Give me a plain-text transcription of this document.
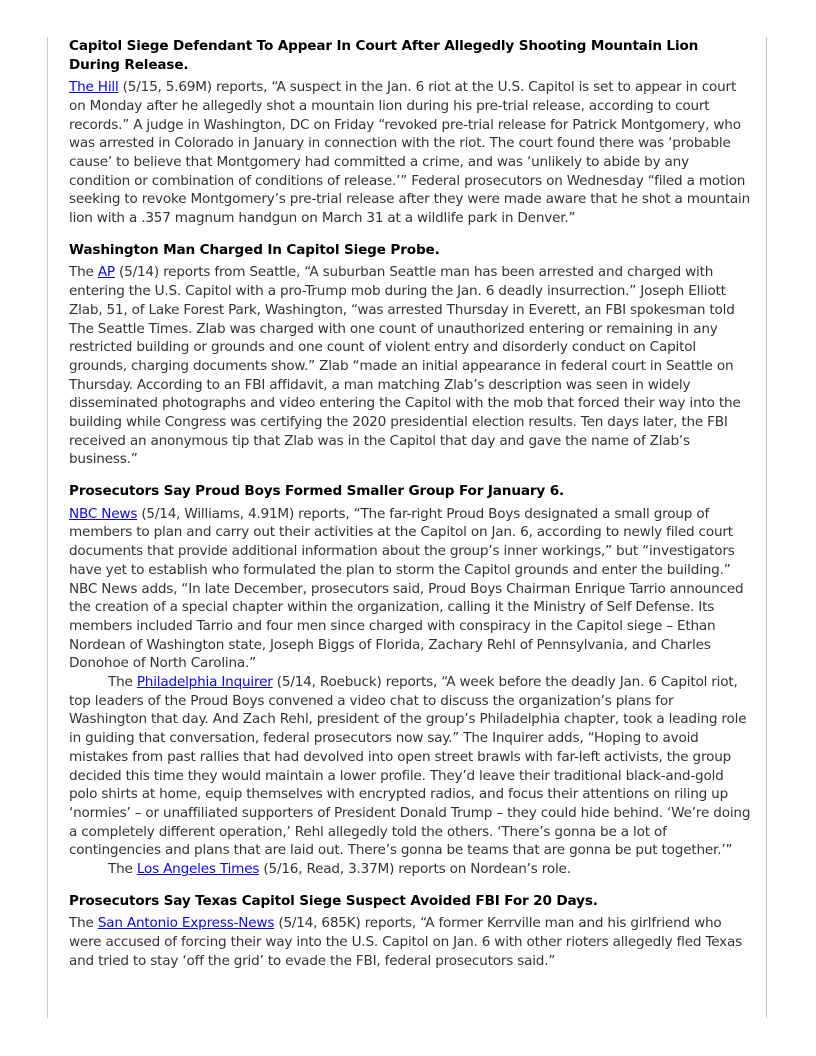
Capitol Siege Defendant To Appear In Court After Allegedly Shooting Mountain Lion During Release.

The Hill (5/15, 5.69M) reports, “A suspect in the Jan. 6 riot at the U.S. Capitol is set to appear in court on Monday after he allegedly shot a mountain lion during his pre-trial release, according to court records.” A judge in Washington, DC on Friday “revoked pre-trial release for Patrick Montgomery, who was arrested in Colorado in January in connection with the riot. The court found there was ‘probable cause’ to believe that Montgomery had committed a crime, and was ‘unlikely to abide by any condition or combination of conditions of release.’” Federal prosecutors on Wednesday “filed a motion seeking to revoke Montgomery’s pre-trial release after they were made aware that he shot a mountain lion with a .357 magnum handgun on March 31 at a wildlife park in Denver.”

Washington Man Charged In Capitol Siege Probe.

The AP (5/14) reports from Seattle, “A suburban Seattle man has been arrested and charged with entering the U.S. Capitol with a pro-Trump mob during the Jan. 6 deadly insurrection.” Joseph Elliott Zlab, 51, of Lake Forest Park, Washington, “was arrested Thursday in Everett, an FBI spokesman told The Seattle Times. Zlab was charged with one count of unauthorized entering or remaining in any restricted building or grounds and one count of violent entry and disorderly conduct on Capitol grounds, charging documents show.” Zlab “made an initial appearance in federal court in Seattle on Thursday. According to an FBI affidavit, a man matching Zlab’s description was seen in widely disseminated photographs and video entering the Capitol with the mob that forced their way into the building while Congress was certifying the 2020 presidential election results. Ten days later, the FBI received an anonymous tip that Zlab was in the Capitol that day and gave the name of Zlab’s business.”

Prosecutors Say Proud Boys Formed Smaller Group For January 6.

NBC News (5/14, Williams, 4.91M) reports, “The far-right Proud Boys designated a small group of members to plan and carry out their activities at the Capitol on Jan. 6, according to newly filed court documents that provide additional information about the group’s inner workings,” but “investigators have yet to establish who formulated the plan to storm the Capitol grounds and enter the building.” NBC News adds, “In late December, prosecutors said, Proud Boys Chairman Enrique Tarrio announced the creation of a special chapter within the organization, calling it the Ministry of Self Defense. Its members included Tarrio and four men since charged with conspiracy in the Capitol siege – Ethan Nordean of Washington state, Joseph Biggs of Florida, Zachary Rehl of Pennsylvania, and Charles Donohoe of North Carolina.”

The Philadelphia Inquirer (5/14, Roebuck) reports, “A week before the deadly Jan. 6 Capitol riot, top leaders of the Proud Boys convened a video chat to discuss the organization’s plans for Washington that day. And Zach Rehl, president of the group’s Philadelphia chapter, took a leading role in guiding that conversation, federal prosecutors now say.” The Inquirer adds, “Hoping to avoid mistakes from past rallies that had devolved into open street brawls with far-left activists, the group decided this time they would maintain a lower profile. They’d leave their traditional black-and-gold polo shirts at home, equip themselves with encrypted radios, and focus their attentions on riling up ‘normies’ – or unaffiliated supporters of President Donald Trump – they could hide behind. ‘We’re doing a completely different operation,’ Rehl allegedly told the others. ‘There’s gonna be a lot of contingencies and plans that are laid out. There’s gonna be teams that are gonna be put together.’”

The Los Angeles Times (5/16, Read, 3.37M) reports on Nordean’s role.

Prosecutors Say Texas Capitol Siege Suspect Avoided FBI For 20 Days.

The San Antonio Express-News (5/14, 685K) reports, “A former Kerrville man and his girlfriend who were accused of forcing their way into the U.S. Capitol on Jan. 6 with other rioters allegedly fled Texas and tried to stay ‘off the grid’ to evade the FBI, federal prosecutors said.”
